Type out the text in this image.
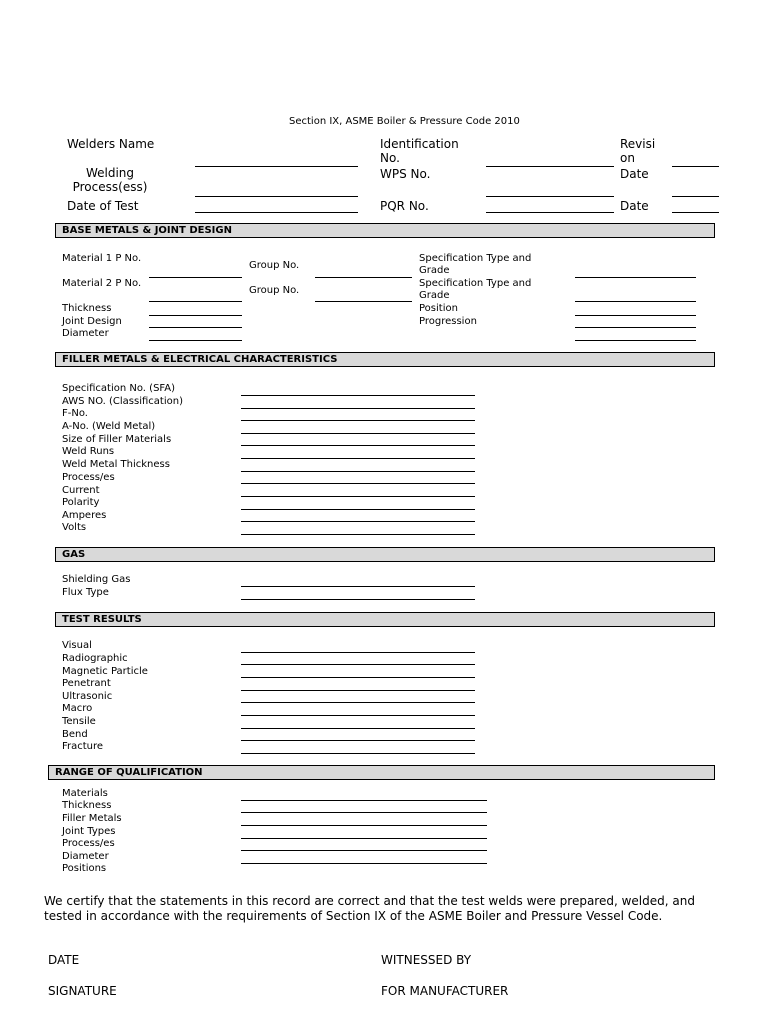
Section IX, ASME Boiler & Pressure Code 2010
Welders Name
Welding Process(ess)
Date of Test
Identification No.
WPS No.
PQR No.
Revision
Date
Date
BASE METALS & JOINT DESIGN
Material 1 P No.
Material 2 P No.
Thickness
Joint Design
Diameter
Group No.
Group No.
Specification Type and Grade
Specification Type and Grade
Position
Progression
FILLER METALS & ELECTRICAL CHARACTERISTICS
Specification No. (SFA)
AWS NO. (Classification)
F-No.
A-No. (Weld Metal)
Size of Filler Materials
Weld Runs
Weld Metal Thickness
Process/es
Current
Polarity
Amperes
Volts
GAS
Shielding Gas
Flux Type
TEST RESULTS
Visual
Radiographic
Magnetic Particle
Penetrant
Ultrasonic
Macro
Tensile
Bend
Fracture
RANGE OF QUALIFICATION
Materials
Thickness
Filler Metals
Joint Types
Process/es
Diameter
Positions
We certify that the statements in this record are correct and that the test welds were prepared, welded, and tested in accordance with the requirements of Section IX of the ASME Boiler and Pressure Vessel Code.
DATE	WITNESSED BY
SIGNATURE	FOR MANUFACTURER
